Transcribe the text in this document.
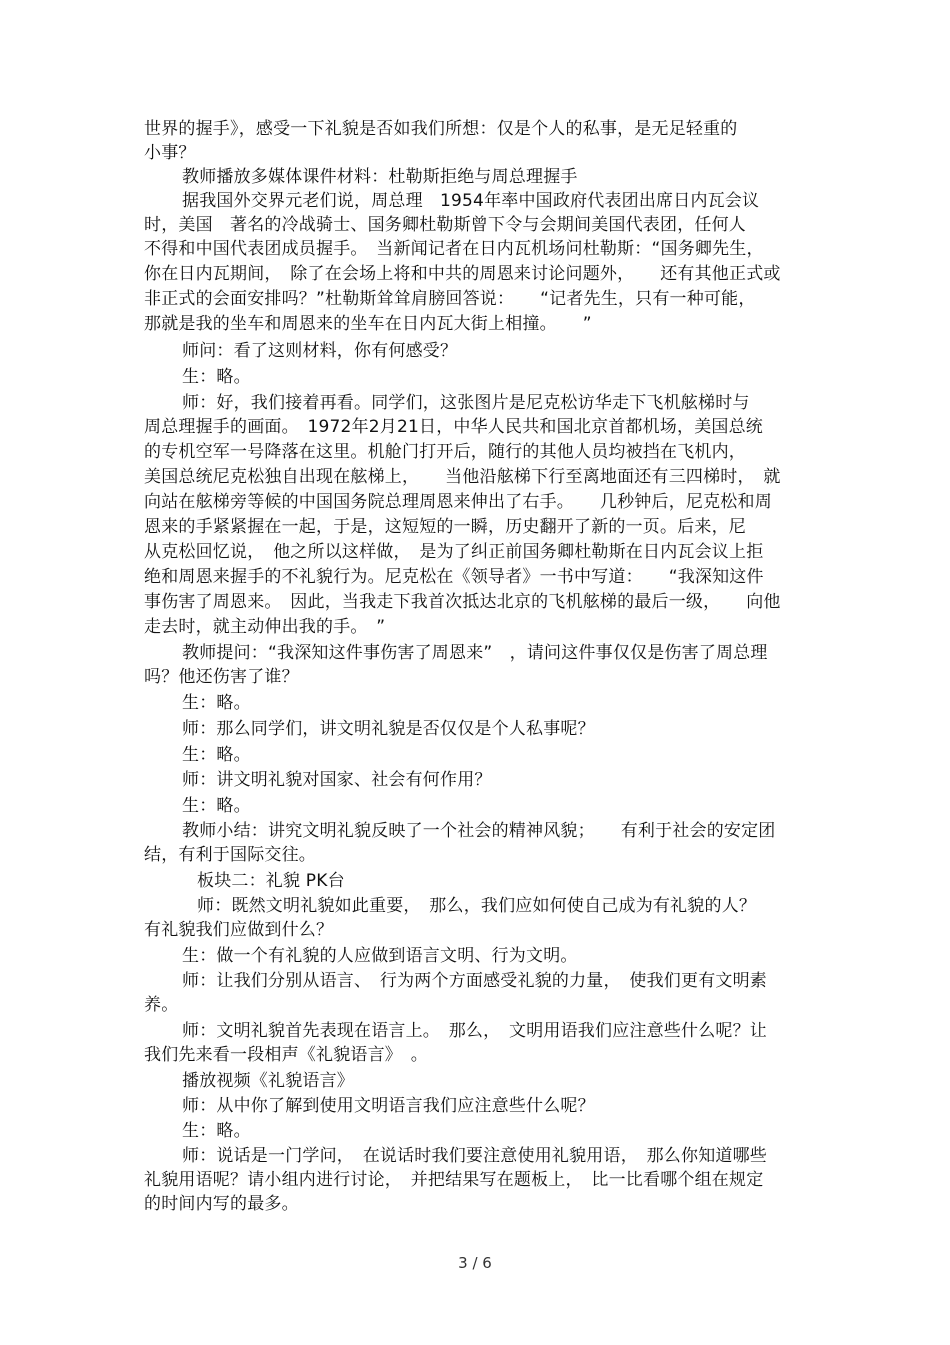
世界的握手》，感受一下礼貌是否如我们所想：仅是个人的私事，是无足轻重的
小事？
教师播放多媒体课件材料：杜勒斯拒绝与周总理握手
据我国外交界元老们说，周总理　1954年率中国政府代表团出席日内瓦会议
时，美国　著名的冷战骑士、国务卿杜勒斯曾下令与会期间美国代表团，任何人
不得和中国代表团成员握手。　当新闻记者在日内瓦机场问杜勒斯：“国务卿先生，
你在日内瓦期间，　除了在会场上将和中共的周恩来讨论问题外，　　还有其他正式或
非正式的会面安排吗？”杜勒斯耸耸肩膀回答说：　　“记者先生，只有一种可能，
那就是我的坐车和周恩来的坐车在日内瓦大街上相撞。　　”
师问：看了这则材料，你有何感受？
生：略。
师：好，我们接着再看。同学们，这张图片是尼克松访华走下飞机舷梯时与
周总理握手的画面。　1972年2月21日，中华人民共和国北京首都机场，美国总统
的专机空军一号降落在这里。机舱门打开后，随行的其他人员均被挡在飞机内，
美国总统尼克松独自出现在舷梯上，　　当他沿舷梯下行至离地面还有三四梯时，　就
向站在舷梯旁等候的中国国务院总理周恩来伸出了右手。　　几秒钟后，尼克松和周
恩来的手紧紧握在一起，于是，这短短的一瞬，历史翻开了新的一页。后来，尼
从克松回忆说，　他之所以这样做，　是为了纠正前国务卿杜勒斯在日内瓦会议上拒
绝和周恩来握手的不礼貌行为。尼克松在《领导者》一书中写道：　　“我深知这件
事伤害了周恩来。　因此，当我走下我首次抵达北京的飞机舷梯的最后一级，　　向他
走去时，就主动伸出我的手。　”
教师提问：“我深知这件事伤害了周恩来”　，请问这件事仅仅是伤害了周总理
吗？他还伤害了谁？
生：略。
师：那么同学们，讲文明礼貌是否仅仅是个人私事呢？
生：略。
师：讲文明礼貌对国家、社会有何作用？
生：略。
教师小结：讲究文明礼貌反映了一个社会的精神风貌；　　有利于社会的安定团
结，有利于国际交往。
板块二：礼貌 PK台
师：既然文明礼貌如此重要，　那么，我们应如何使自己成为有礼貌的人？
有礼貌我们应做到什么？
生：做一个有礼貌的人应做到语言文明、行为文明。
师：让我们分别从语言、　行为两个方面感受礼貌的力量，　使我们更有文明素
养。
师：文明礼貌首先表现在语言上。　那么，　文明用语我们应注意些什么呢？让
我们先来看一段相声《礼貌语言》　。
播放视频《礼貌语言》
师：从中你了解到使用文明语言我们应注意些什么呢？
生：略。
师：说话是一门学问，　在说话时我们要注意使用礼貌用语，　那么你知道哪些
礼貌用语呢？请小组内进行讨论，　并把结果写在题板上，　比一比看哪个组在规定
的时间内写的最多。
3 / 6
